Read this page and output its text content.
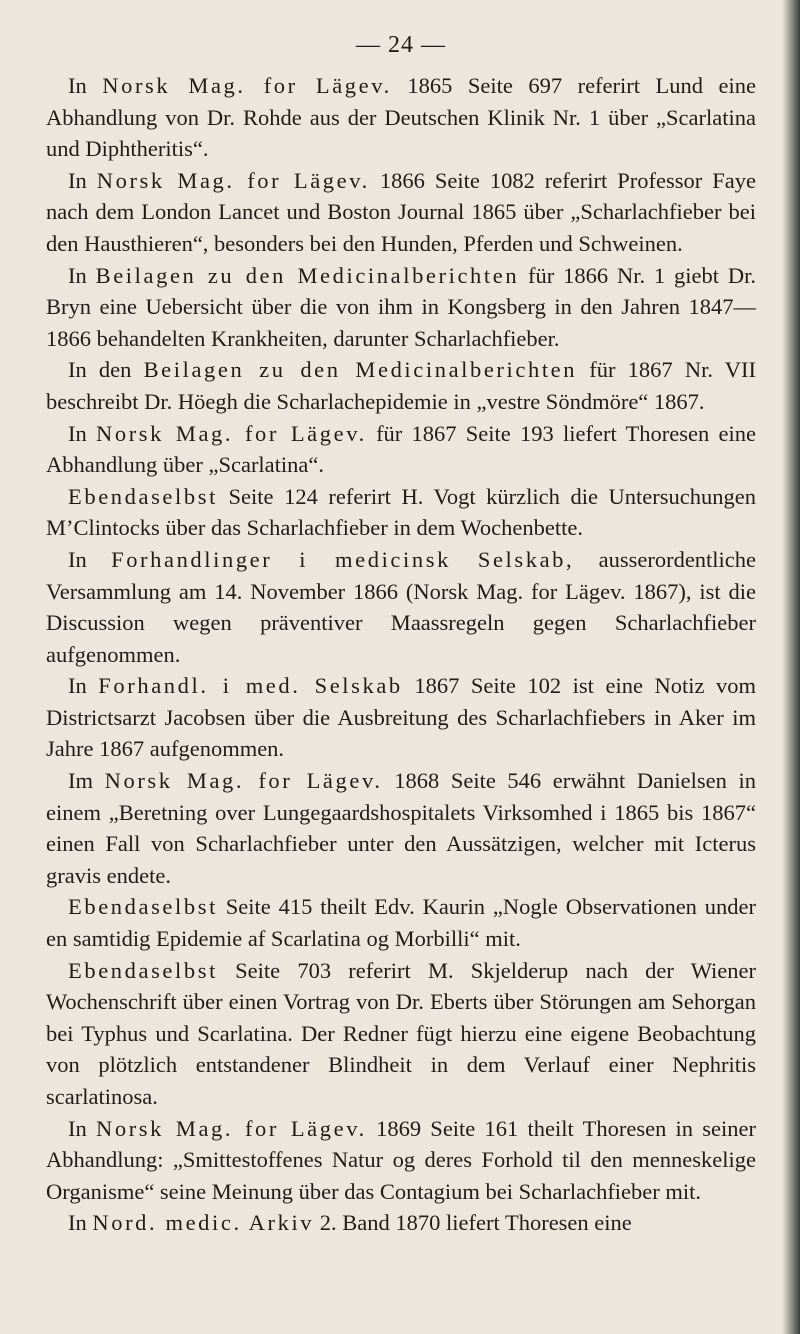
— 24 —

In Norsk Mag. for Lägev. 1865 Seite 697 referirt Lund eine Abhandlung von Dr. Rohde aus der Deutschen Klinik Nr. 1 über „Scarlatina und Diphtheritis“.

In Norsk Mag. for Lägev. 1866 Seite 1082 referirt Professor Faye nach dem London Lancet und Boston Journal 1865 über „Scharlachfieber bei den Hausthieren“, besonders bei den Hunden, Pferden und Schweinen.

In Beilagen zu den Medicinalberichten für 1866 Nr. 1 giebt Dr. Bryn eine Uebersicht über die von ihm in Kongsberg in den Jahren 1847—1866 behandelten Krankheiten, darunter Scharlachfieber.

In den Beilagen zu den Medicinalberichten für 1867 Nr. VII beschreibt Dr. Höegh die Scharlachepidemie in „vestre Söndmöre“ 1867.

In Norsk Mag. for Lägev. für 1867 Seite 193 liefert Thoresen eine Abhandlung über „Scarlatina“.

Ebendaselbst Seite 124 referirt H. Vogt kürzlich die Untersuchungen M’Clintocks über das Scharlachfieber in dem Wochenbette.

In Forhandlinger i medicinsk Selskab, ausserordentliche Versammlung am 14. November 1866 (Norsk Mag. for Lägev. 1867), ist die Discussion wegen präventiver Maassregeln gegen Scharlachfieber aufgenommen.

In Forhandl. i med. Selskab 1867 Seite 102 ist eine Notiz vom Districtsarzt Jacobsen über die Ausbreitung des Scharlachfiebers in Aker im Jahre 1867 aufgenommen.

Im Norsk Mag. for Lägev. 1868 Seite 546 erwähnt Danielsen in einem „Beretning over Lungegaardshospitalets Virksomhed i 1865 bis 1867“ einen Fall von Scharlachfieber unter den Aussätzigen, welcher mit Icterus gravis endete.

Ebendaselbst Seite 415 theilt Edv. Kaurin „Nogle Observationen under en samtidig Epidemie af Scarlatina og Morbilli“ mit.

Ebendaselbst Seite 703 referirt M. Skjelderup nach der Wiener Wochenschrift über einen Vortrag von Dr. Eberts über Störungen am Sehorgan bei Typhus und Scarlatina. Der Redner fügt hierzu eine eigene Beobachtung von plötzlich entstandener Blindheit in dem Verlauf einer Nephritis scarlatinosa.

In Norsk Mag. for Lägev. 1869 Seite 161 theilt Thoresen in seiner Abhandlung: „Smittestoffenes Natur og deres Forhold til den menneskelige Organisme“ seine Meinung über das Contagium bei Scharlachfieber mit.

In Nord. medic. Arkiv 2. Band 1870 liefert Thoresen eine
